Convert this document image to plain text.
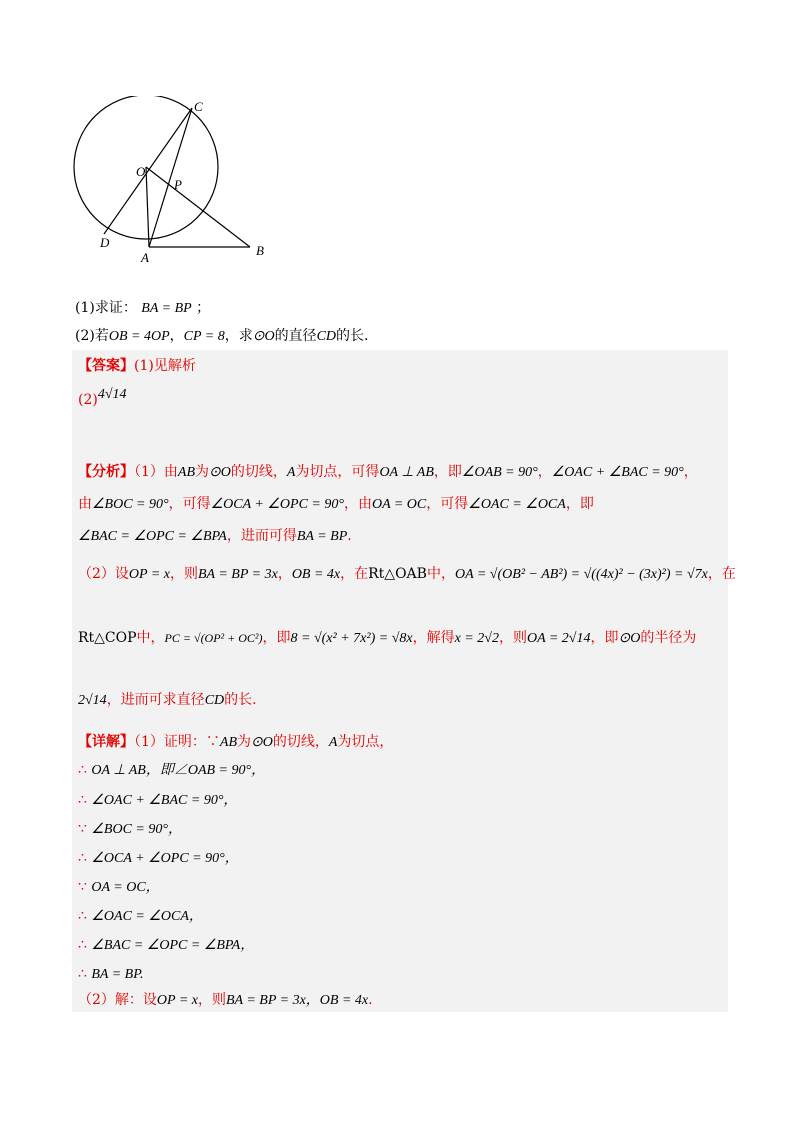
C
O
P
D
A	B
(1)求证： BA = BP ；
(2)若OB = 4OP，CP = 8，求⊙O的直径CD的长.
【答案】(1)见解析
(2)4√14
【分析】（1）由AB为⊙O的切线，A为切点，可得OA ⊥ AB，即∠OAB = 90°，∠OAC + ∠BAC = 90°，
由∠BOC = 90°，可得∠OCA + ∠OPC = 90°，由OA = OC，可得∠OAC = ∠OCA，即
∠BAC = ∠OPC = ∠BPA，进而可得BA = BP.
（2）设OP = x，则BA = BP = 3x，OB = 4x，在Rt△OAB中，OA = √(OB² − AB²) = √((4x)² − (3x)²) = √7x，在
Rt△COP中，PC = √(OP² + OC²)，即8 = √(x² + 7x²) = √8x，解得x = 2√2，则OA = 2√14，即⊙O的半径为
2√14，进而可求直径CD的长.
【详解】（1）证明：∵AB为⊙O的切线，A为切点，
∴ OA ⊥ AB，即∠OAB = 90°，
∴ ∠OAC + ∠BAC = 90°，
∵ ∠BOC = 90°，
∴ ∠OCA + ∠OPC = 90°，
∵ OA = OC，
∴ ∠OAC = ∠OCA，
∴ ∠BAC = ∠OPC = ∠BPA，
∴ BA = BP.
（2）解：设OP = x，则BA = BP = 3x，OB = 4x.
